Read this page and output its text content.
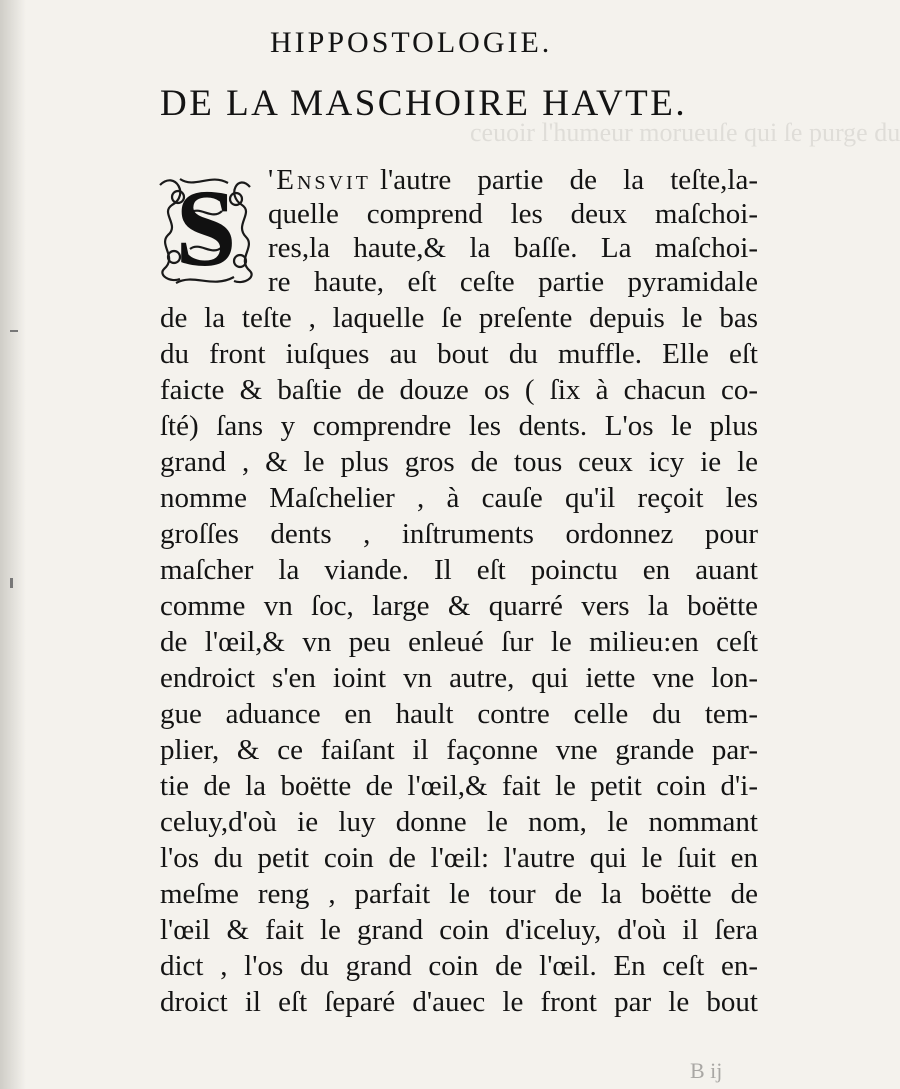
ceuoir l'humeur morueuſe qui ſe purge du
HIPPOSTOLOGIE.
DE LA MASCHOIRE HAVTE.
S 'Ensvit l'autre partie de la teſte,la-
quelle comprend les deux maſchoi-
res,la haute,& la baſſe. La maſchoi-
re haute, eſt ceſte partie pyramidale
de la teſte , laquelle ſe preſente depuis le bas
du front iuſques au bout du muffle. Elle eſt
faicte & baſtie de douze os ( ſix à chacun co-
ſté) ſans y comprendre les dents. L'os le plus
grand , & le plus gros de tous ceux icy ie le
nomme Maſchelier , à cauſe qu'il reçoit les
groſſes dents , inſtruments ordonnez pour
maſcher la viande. Il eſt poinctu en auant
comme vn ſoc, large & quarré vers la boëtte
de l'œil,& vn peu enleué ſur le milieu:en ceſt
endroict s'en ioint vn autre, qui iette vne lon-
gue aduance en hault contre celle du tem-
plier, & ce faiſant il façonne vne grande par-
tie de la boëtte de l'œil,& fait le petit coin d'i-
celuy,d'où ie luy donne le nom, le nommant
l'os du petit coin de l'œil: l'autre qui le ſuit en
meſme reng , parfait le tour de la boëtte de
l'œil & fait le grand coin d'iceluy, d'où il ſera
dict , l'os du grand coin de l'œil. En ceſt en-
droict il eſt ſeparé d'auec le front par le bout
B ij
